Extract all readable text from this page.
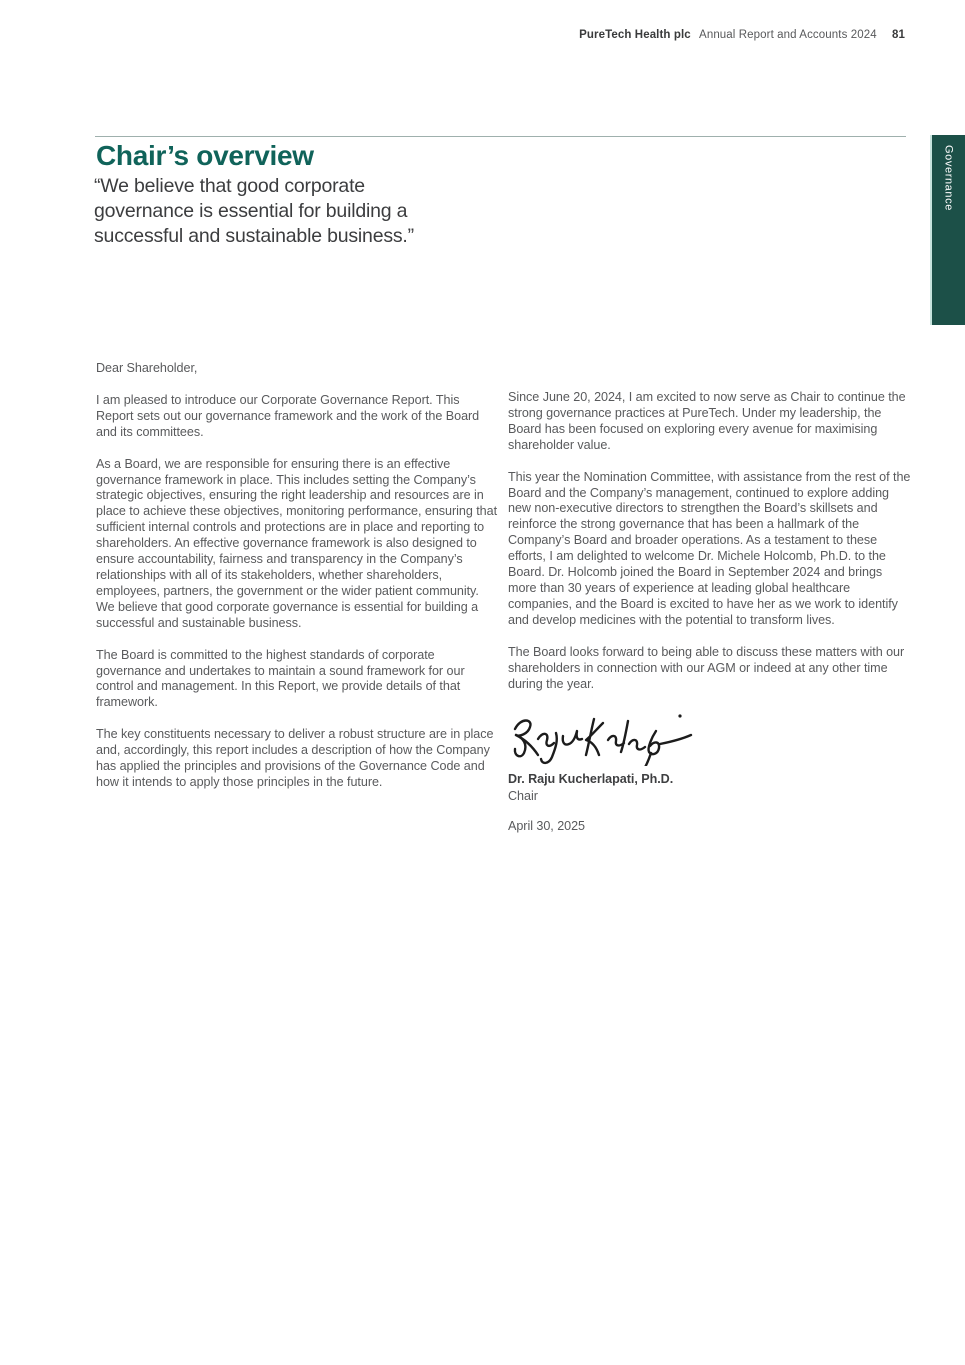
PureTech Health plc Annual Report and Accounts 2024 81
Governance
Chair’s overview

“We believe that good corporate governance is essential for building a successful and sustainable business.”

Dear Shareholder,

I am pleased to introduce our Corporate Governance Report. This Report sets out our governance framework and the work of the Board and its committees.

As a Board, we are responsible for ensuring there is an effective governance framework in place. This includes setting the Company’s strategic objectives, ensuring the right leadership and resources are in place to achieve these objectives, monitoring performance, ensuring that sufficient internal controls and protections are in place and reporting to shareholders. An effective governance framework is also designed to ensure accountability, fairness and transparency in the Company’s relationships with all of its stakeholders, whether shareholders, employees, partners, the government or the wider patient community. We believe that good corporate governance is essential for building a successful and sustainable business.

The Board is committed to the highest standards of corporate governance and undertakes to maintain a sound framework for our control and management. In this Report, we provide details of that framework.

The key constituents necessary to deliver a robust structure are in place and, accordingly, this report includes a description of how the Company has applied the principles and provisions of the Governance Code and how it intends to apply those principles in the future.

Since June 20, 2024, I am excited to now serve as Chair to continue the strong governance practices at PureTech. Under my leadership, the Board has been focused on exploring every avenue for maximising shareholder value.

This year the Nomination Committee, with assistance from the rest of the Board and the Company’s management, continued to explore adding new non-executive directors to strengthen the Board’s skillsets and reinforce the strong governance that has been a hallmark of the Company’s Board and broader operations. As a testament to these efforts, I am delighted to welcome Dr. Michele Holcomb, Ph.D. to the Board. Dr. Holcomb joined the Board in September 2024 and brings more than 30 years of experience at leading global healthcare companies, and the Board is excited to have her as we work to identify and develop medicines with the potential to transform lives.

The Board looks forward to being able to discuss these matters with our shareholders in connection with our AGM or indeed at any other time during the year.

Dr. Raju Kucherlapati, Ph.D.

Chair

April 30, 2025
